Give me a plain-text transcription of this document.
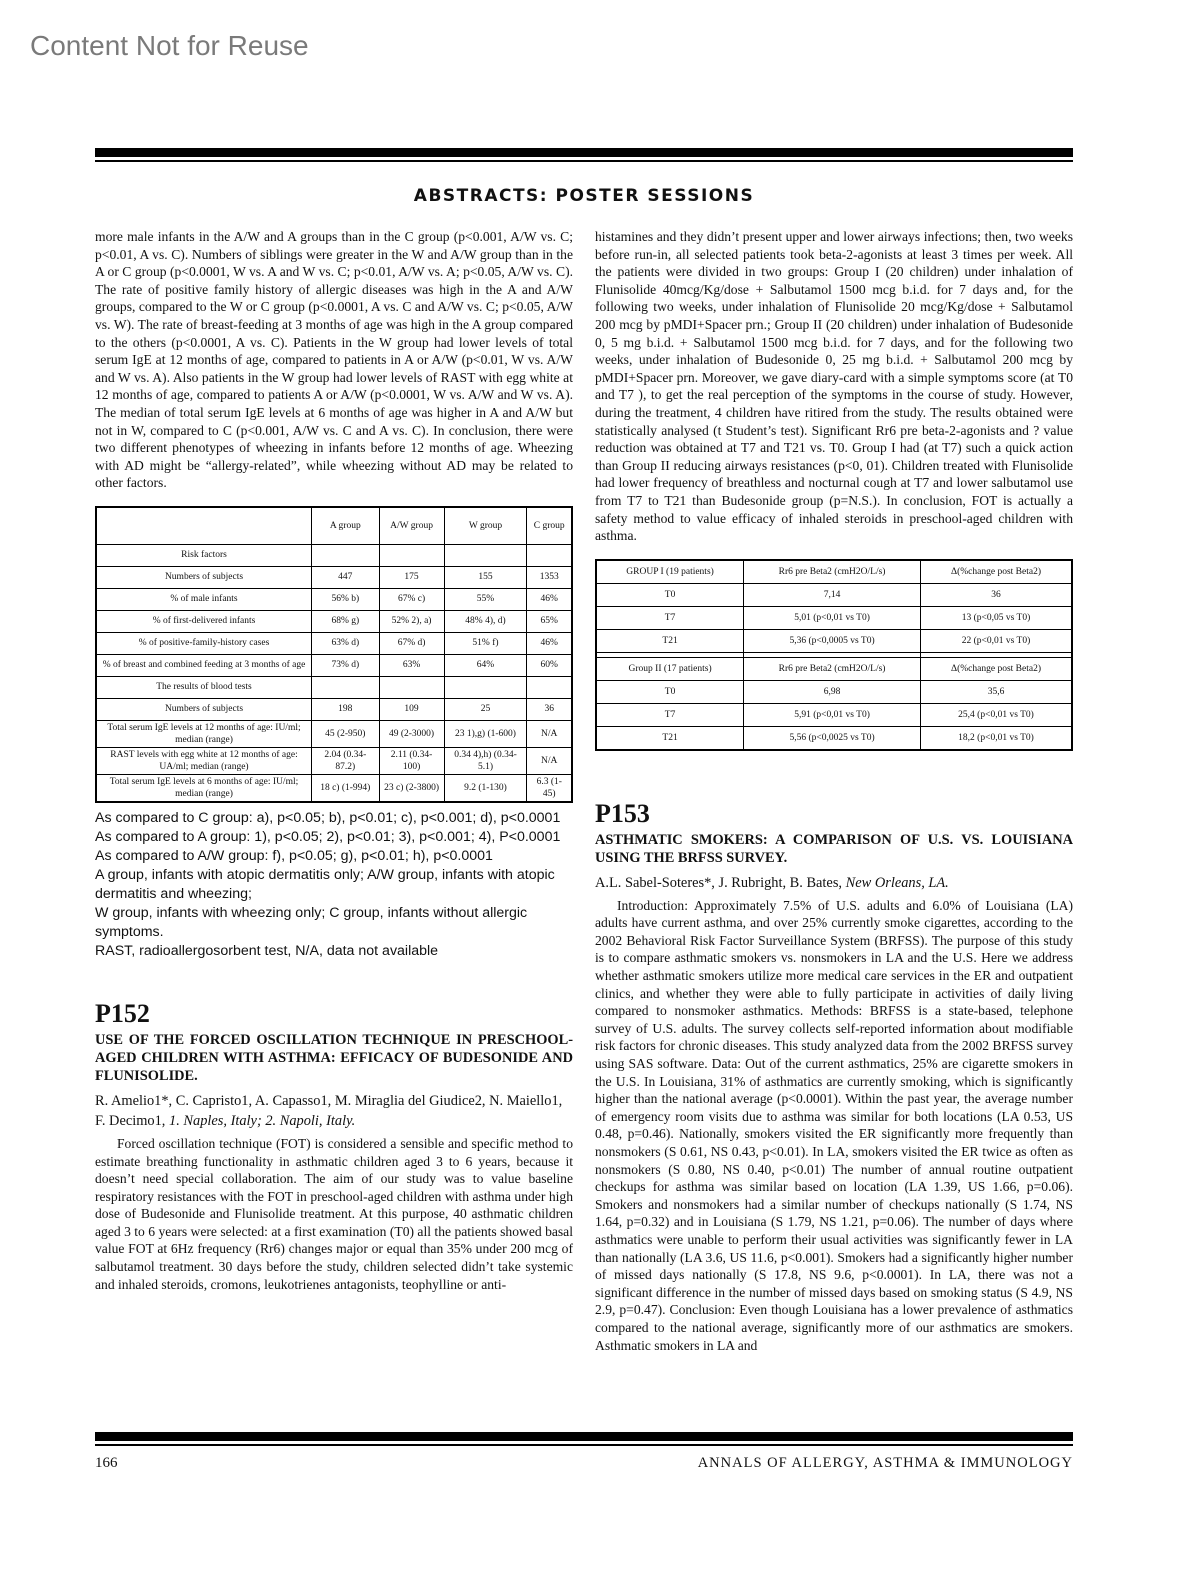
Content Not for Reuse
ABSTRACTS: POSTER SESSIONS

more male infants in the A/W and A groups than in the C group (p<0.001, A/W vs. C; p<0.01, A vs. C). Numbers of siblings were greater in the W and A/W group than in the A or C group (p<0.0001, W vs. A and W vs. C; p<0.01, A/W vs. A; p<0.05, A/W vs. C). The rate of positive family history of allergic diseases was high in the A and A/W groups, compared to the W or C group (p<0.0001, A vs. C and A/W vs. C; p<0.05, A/W vs. W). The rate of breast-feeding at 3 months of age was high in the A group compared to the others (p<0.0001, A vs. C). Patients in the W group had lower levels of total serum IgE at 12 months of age, compared to patients in A or A/W (p<0.01, W vs. A/W and W vs. A). Also patients in the W group had lower levels of RAST with egg white at 12 months of age, compared to patients A or A/W (p<0.0001, W vs. A/W and W vs. A). The median of total serum IgE levels at 6 months of age was higher in A and A/W but not in W, compared to C (p<0.001, A/W vs. C and A vs. C). In conclusion, there were two different phenotypes of wheezing in infants before 12 months of age. Wheezing with AD might be “allergy-related”, while wheezing without AD may be related to other factors.

	A group	A/W group	W group	C group
Risk factors				
Numbers of subjects	447	175	155	1353
% of male infants	56% b)	67% c)	55%	46%
% of first-delivered infants	68% g)	52% 2), a)	48% 4), d)	65%
% of positive-family-history cases	63% d)	67% d)	51% f)	46%
% of breast and combined feeding at 3 months of age	73% d)	63%	64%	60%
The results of blood tests				
Numbers of subjects	198	109	25	36
Total serum IgE levels at 12 months of age: IU/ml; median (range)	45 (2-950)	49 (2-3000)	23 1),g) (1-600)	N/A
RAST levels with egg white at 12 months of age: UA/ml; median (range)	2.04 (0.34-87.2)	2.11 (0.34-100)	0.34 4),h) (0.34-5.1)	N/A
Total serum IgE levels at 6 months of age: IU/ml; median (range)	18 c) (1-994)	23 c) (2-3800)	9.2 (1-130)	6.3 (1-45)
As compared to C group: a), p<0.05; b), p<0.01; c), p<0.001; d), p<0.0001
As compared to A group: 1), p<0.05; 2), p<0.01; 3), p<0.001; 4), P<0.0001
As compared to A/W group: f), p<0.05; g), p<0.01; h), p<0.0001
A group, infants with atopic dermatitis only; A/W group, infants with atopic dermatitis and wheezing;
W group, infants with wheezing only; C group, infants without allergic symptoms.
RAST, radioallergosorbent test, N/A, data not available
P152
USE OF THE FORCED OSCILLATION TECHNIQUE IN PRESCHOOL-AGED CHILDREN WITH ASTHMA: EFFICACY OF BUDESONIDE AND FLUNISOLIDE.
R. Amelio1*, C. Capristo1, A. Capasso1, M. Miraglia del Giudice2, N. Maiello1, F. Decimo1, 1. Naples, Italy; 2. Napoli, Italy.

Forced oscillation technique (FOT) is considered a sensible and specific method to estimate breathing functionality in asthmatic children aged 3 to 6 years, because it doesn’t need special collaboration. The aim of our study was to value baseline respiratory resistances with the FOT in preschool-aged children with asthma under high dose of Budesonide and Flunisolide treatment. At this purpose, 40 asthmatic children aged 3 to 6 years were selected: at a first examination (T0) all the patients showed basal value FOT at 6Hz frequency (Rr6) changes major or equal than 35% under 200 mcg of salbutamol treatment. 30 days before the study, children selected didn’t take systemic and inhaled steroids, cromons, leukotrienes antagonists, teophylline or anti-

histamines and they didn’t present upper and lower airways infections; then, two weeks before run-in, all selected patients took beta-2-agonists at least 3 times per week. All the patients were divided in two groups: Group I (20 children) under inhalation of Flunisolide 40mcg/Kg/dose + Salbutamol 1500 mcg b.i.d. for 7 days and, for the following two weeks, under inhalation of Flunisolide 20 mcg/Kg/dose + Salbutamol 200 mcg by pMDI+Spacer prn.; Group II (20 children) under inhalation of Budesonide 0, 5 mg b.i.d. + Salbutamol 1500 mcg b.i.d. for 7 days, and for the following two weeks, under inhalation of Budesonide 0, 25 mg b.i.d. + Salbutamol 200 mcg by pMDI+Spacer prn. Moreover, we gave diary-card with a simple symptoms score (at T0 and T7 ), to get the real perception of the symptoms in the course of study. However, during the treatment, 4 children have ritired from the study. The results obtained were statistically analysed (t Student’s test). Significant Rr6 pre beta-2-agonists and ? value reduction was obtained at T7 and T21 vs. T0. Group I had (at T7) such a quick action than Group II reducing airways resistances (p<0, 01). Children treated with Flunisolide had lower frequency of breathless and nocturnal cough at T7 and lower salbutamol use from T7 to T21 than Budesonide group (p=N.S.). In conclusion, FOT is actually a safety method to value efficacy of inhaled steroids in preschool-aged children with asthma.

GROUP I (19 patients)	Rr6 pre Beta2 (cmH2O/L/s)	Δ(%change post Beta2)
T0	7,14	36
T7	5,01 (p<0,01 vs T0)	13 (p<0,05 vs T0)
T21	5,36 (p<0,0005 vs T0)	22 (p<0,01 vs T0)

Group II (17 patients)	Rr6 pre Beta2 (cmH2O/L/s)	Δ(%change post Beta2)
T0	6,98	35,6
T7	5,91 (p<0,01 vs T0)	25,4 (p<0,01 vs T0)
T21	5,56 (p<0,0025 vs T0)	18,2 (p<0,01 vs T0)
P153
ASTHMATIC SMOKERS: A COMPARISON OF U.S. VS. LOUISIANA USING THE BRFSS SURVEY.
A.L. Sabel-Soteres*, J. Rubright, B. Bates, New Orleans, LA.

Introduction: Approximately 7.5% of U.S. adults and 6.0% of Louisiana (LA) adults have current asthma, and over 25% currently smoke cigarettes, according to the 2002 Behavioral Risk Factor Surveillance System (BRFSS). The purpose of this study is to compare asthmatic smokers vs. nonsmokers in LA and the U.S. Here we address whether asthmatic smokers utilize more medical care services in the ER and outpatient clinics, and whether they were able to fully participate in activities of daily living compared to nonsmoker asthmatics. Methods: BRFSS is a state-based, telephone survey of U.S. adults. The survey collects self-reported information about modifiable risk factors for chronic diseases. This study analyzed data from the 2002 BRFSS survey using SAS software. Data: Out of the current asthmatics, 25% are cigarette smokers in the U.S. In Louisiana, 31% of asthmatics are currently smoking, which is significantly higher than the national average (p<0.0001). Within the past year, the average number of emergency room visits due to asthma was similar for both locations (LA 0.53, US 0.48, p=0.46). Nationally, smokers visited the ER significantly more frequently than nonsmokers (S 0.61, NS 0.43, p<0.01). In LA, smokers visited the ER twice as often as nonsmokers (S 0.80, NS 0.40, p<0.01) The number of annual routine outpatient checkups for asthma was similar based on location (LA 1.39, US 1.66, p=0.06). Smokers and nonsmokers had a similar number of checkups nationally (S 1.74, NS 1.64, p=0.32) and in Louisiana (S 1.79, NS 1.21, p=0.06). The number of days where asthmatics were unable to perform their usual activities was significantly fewer in LA than nationally (LA 3.6, US 11.6, p<0.001). Smokers had a significantly higher number of missed days nationally (S 17.8, NS 9.6, p<0.0001). In LA, there was not a significant difference in the number of missed days based on smoking status (S 4.9, NS 2.9, p=0.47). Conclusion: Even though Louisiana has a lower prevalence of asthmatics compared to the national average, significantly more of our asthmatics are smokers. Asthmatic smokers in LA and

166	ANNALS OF ALLERGY, ASTHMA & IMMUNOLOGY
